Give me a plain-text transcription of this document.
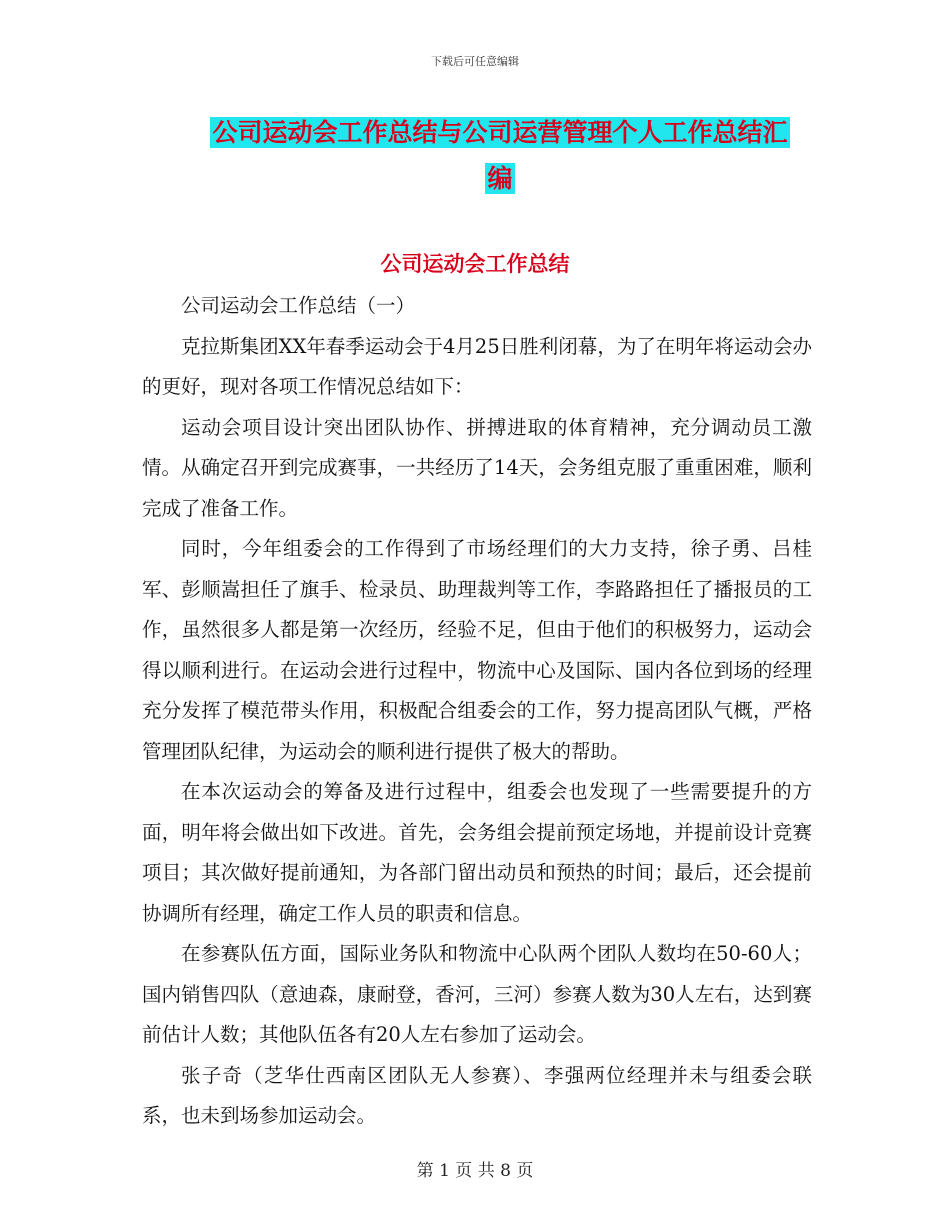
下载后可任意编辑
公司运动会工作总结与公司运营管理个人工作总结汇
编
公司运动会工作总结

公司运动会工作总结（一）

克拉斯集团XX年春季运动会于4月25日胜利闭幕，为了在明年将运动会办的更好，现对各项工作情况总结如下：

运动会项目设计突出团队协作、拼搏进取的体育精神，充分调动员工激情。从确定召开到完成赛事，一共经历了14天，会务组克服了重重困难，顺利完成了准备工作。

同时，今年组委会的工作得到了市场经理们的大力支持，徐子勇、吕桂军、彭顺嵩担任了旗手、检录员、助理裁判等工作，李路路担任了播报员的工作，虽然很多人都是第一次经历，经验不足，但由于他们的积极努力，运动会得以顺利进行。在运动会进行过程中，物流中心及国际、国内各位到场的经理充分发挥了模范带头作用，积极配合组委会的工作，努力提高团队气概，严格管理团队纪律，为运动会的顺利进行提供了极大的帮助。

在本次运动会的筹备及进行过程中，组委会也发现了一些需要提升的方面，明年将会做出如下改进。首先，会务组会提前预定场地，并提前设计竞赛项目；其次做好提前通知，为各部门留出动员和预热的时间；最后，还会提前协调所有经理，确定工作人员的职责和信息。

在参赛队伍方面，国际业务队和物流中心队两个团队人数均在50-60人；国内销售四队（意迪森，康耐登，香河，三河）参赛人数为30人左右，达到赛前估计人数；其他队伍各有20人左右参加了运动会。

张子奇（芝华仕西南区团队无人参赛）、李强两位经理并未与组委会联系，也未到场参加运动会。

第 1 页 共 8 页
